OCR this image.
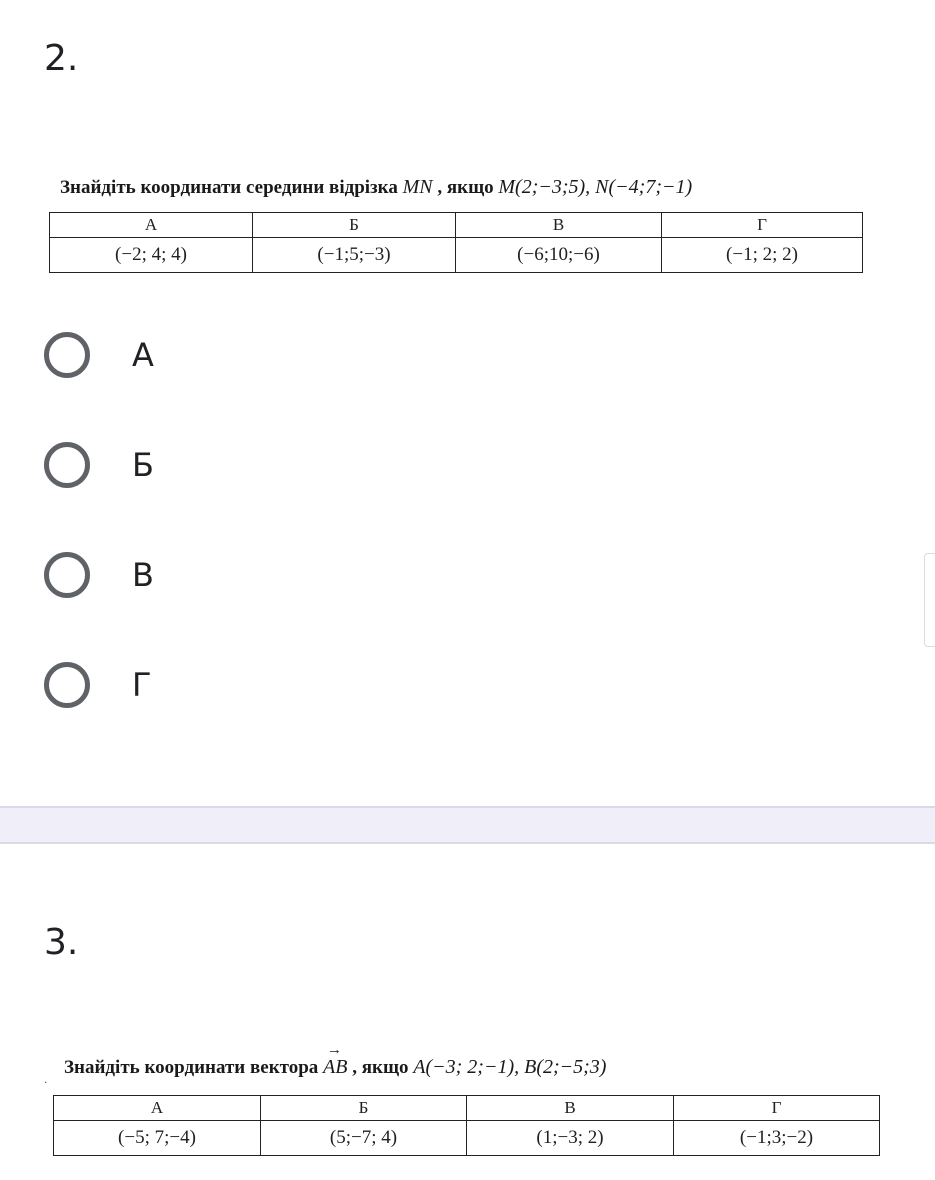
2.
Знайдіть координати середини відрізка MN , якщо M(2;−3;5), N(−4;7;−1)
А	Б	В	Г
(−2; 4; 4)	(−1;5;−3)	(−6;10;−6)	(−1; 2; 2)
А
Б
В
Г
3.
.
Знайдіть координати вектора
→
AB , якщо A(−3; 2;−1), B(2;−5;3)
А	Б	В	Г
(−5; 7;−4)	(5;−7; 4)	(1;−3; 2)	(−1;3;−2)
